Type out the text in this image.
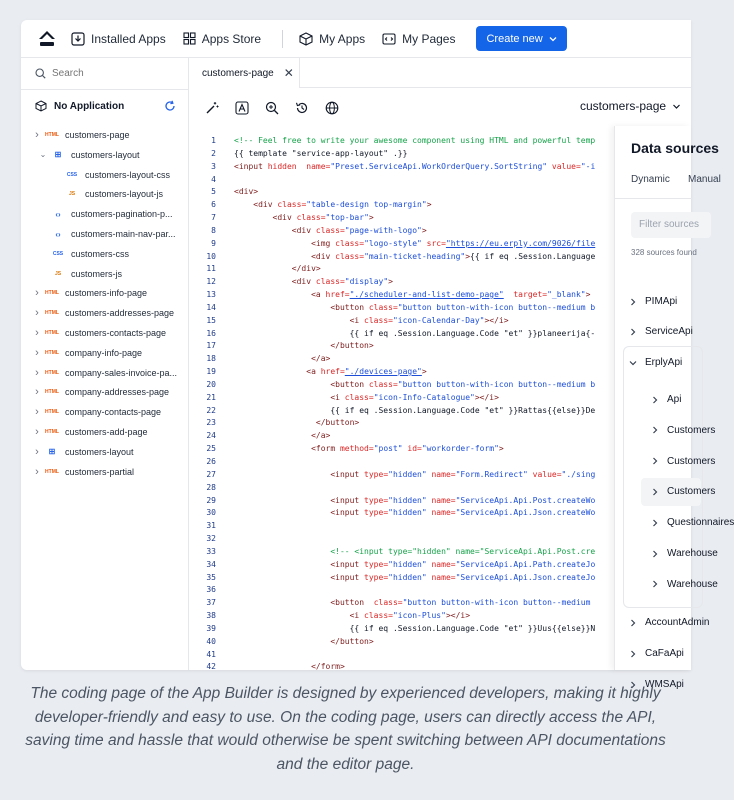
Installed Apps	Apps Store	My Apps	My Pages	Create new
Search
No Application
›	HTML customers-page
⌄	⊞	customers-layout
CSS customers-layout-css
JS	customers-layout-js
‹›	customers-pagination-p...
‹›	customers-main-nav-par...
CSS customers-css
JS	customers-js
›	HTML customers-info-page
›	HTML customers-addresses-page
›	HTML customers-contacts-page
›	HTML company-info-page
›	HTML company-sales-invoice-pa...
›	HTML company-addresses-page
›	HTML company-contacts-page
›	HTML customers-add-page
›	⊞	customers-layout
›	HTML customers-partial
customers-page ✕
customers-page
1 <!-- Feel free to write your awesome component using HTML and powerful temp
2 {{ template "service-app-layout" .}}
3 <input hidden  name="Preset.ServiceApi.WorkOrderQuery.SortString" value="-i
4
5 <div>
6	<div class="table-design top-margin">
7	<div class="top-bar">
8	<div class="page-with-logo">
9	<img class="logo-style" src="https://eu.erply.com/9026/file
10	<div class="main-ticket-heading">{{ if eq .Session.Language
11	</div>
12	<div class="display">
13	<a href="./scheduler-and-list-demo-page"  target="_blank">
14	<button class="button button-with-icon button--medium b
15	<i class="icon-Calendar-Day"></i>
16 {{ if eq .Session.Language.Code "et" }}planeerija{-
17	</button>
18	</a>
19	<a href="./devices-page">
20	<button class="button button-with-icon button--medium b
21	<i class="icon-Info-Catalogue"></i>
22 {{ if eq .Session.Language.Code "et" }}Rattas{{else}}De
23	</button>
24	</a>
25	<form method="post" id="workorder-form">
26
27	<input type="hidden" name="Form.Redirect" value="./sing
28
29	<input type="hidden" name="ServiceApi.Api.Post.createWo
30	<input type="hidden" name="ServiceApi.Api.Json.createWo
31
32
33	<!-- <input type="hidden" name="ServiceApi.Api.Post.cre
34	<input type="hidden" name="ServiceApi.Api.Path.createJo
35	<input type="hidden" name="ServiceApi.Api.Json.createJo
36
37	<button  class="button button-with-icon button--medium
38	<i class="icon-Plus"></i>
39 {{ if eq .Session.Language.Code "et" }}Uus{{else}}N
40	</button>
41
42	</form>
Data sources
Dynamic Manual
Filter sources
328 sources found
PIMApi
ServiceApi
ErplyApi
Api
Customers
Customers
Customers
Questionnaires
Warehouse
Warehouse
AccountAdmin
CaFaApi
WMSApi
The coding page of the App Builder is designed by experienced developers, making it highly developer-friendly and easy to use. On the coding page, users can directly access the API, saving time and hassle that would otherwise be spent switching between API documentations and the editor page.
